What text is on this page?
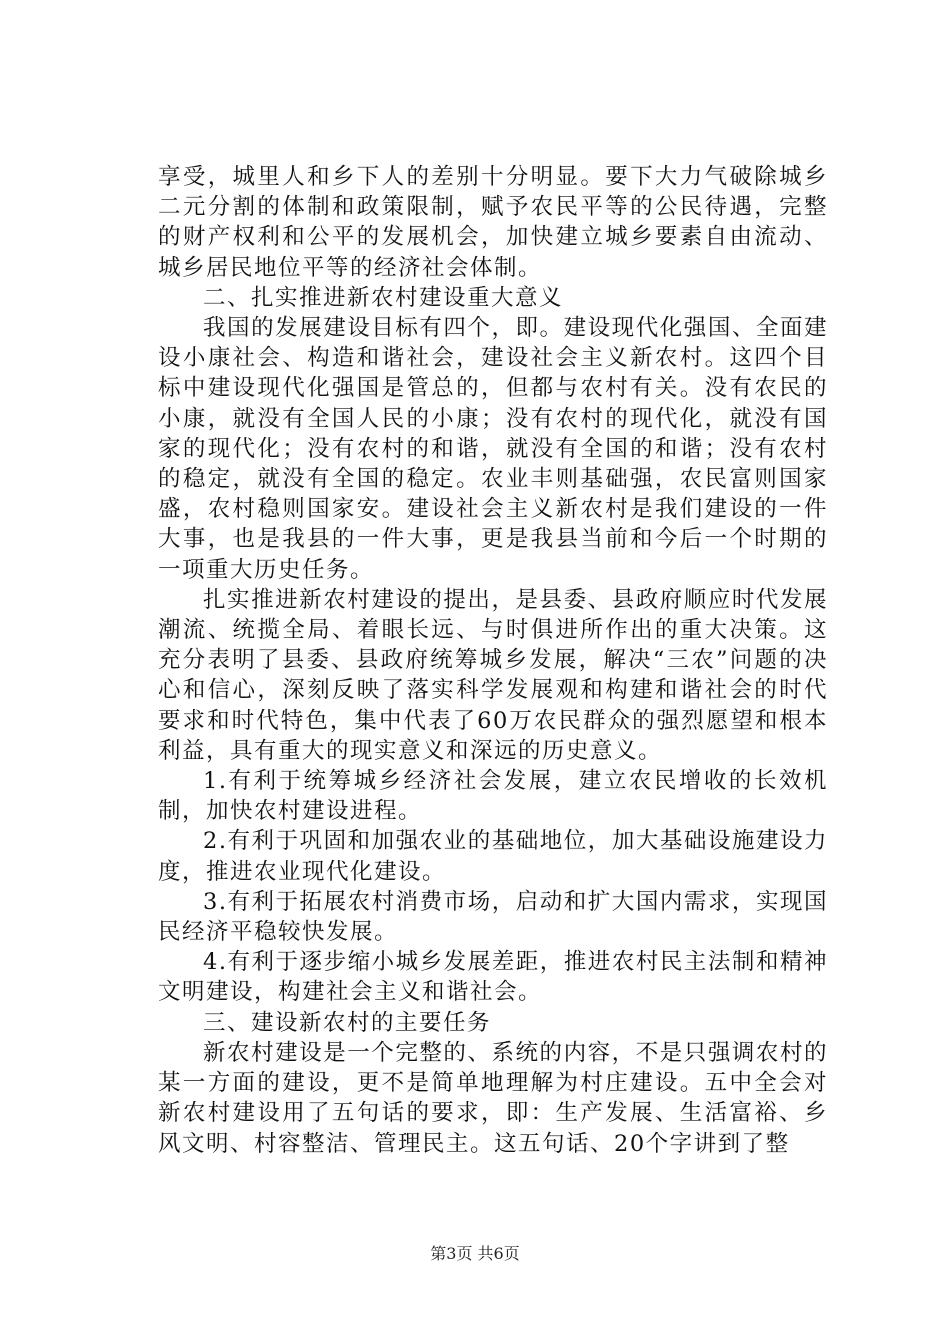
享受，城里人和乡下人的差别十分明显。要下大力气破除城乡二元分割的体制和政策限制，赋予农民平等的公民待遇，完整的财产权利和公平的发展机会，加快建立城乡要素自由流动、城乡居民地位平等的经济社会体制。

二、扎实推进新农村建设重大意义

我国的发展建设目标有四个，即。建设现代化强国、全面建设小康社会、构造和谐社会，建设社会主义新农村。这四个目标中建设现代化强国是管总的，但都与农村有关。没有农民的小康，就没有全国人民的小康；没有农村的现代化，就没有国家的现代化；没有农村的和谐，就没有全国的和谐；没有农村的稳定，就没有全国的稳定。农业丰则基础强，农民富则国家盛，农村稳则国家安。建设社会主义新农村是我们建设的一件大事，也是我县的一件大事，更是我县当前和今后一个时期的一项重大历史任务。

扎实推进新农村建设的提出，是县委、县政府顺应时代发展潮流、统揽全局、着眼长远、与时俱进所作出的重大决策。这充分表明了县委、县政府统筹城乡发展，解决“三农”问题的决心和信心，深刻反映了落实科学发展观和构建和谐社会的时代要求和时代特色，集中代表了60万农民群众的强烈愿望和根本利益，具有重大的现实意义和深远的历史意义。

1.有利于统筹城乡经济社会发展，建立农民增收的长效机制，加快农村建设进程。

2.有利于巩固和加强农业的基础地位，加大基础设施建设力度，推进农业现代化建设。

3.有利于拓展农村消费市场，启动和扩大国内需求，实现国民经济平稳较快发展。

4.有利于逐步缩小城乡发展差距，推进农村民主法制和精神文明建设，构建社会主义和谐社会。

三、建设新农村的主要任务

新农村建设是一个完整的、系统的内容，不是只强调农村的某一方面的建设，更不是简单地理解为村庄建设。五中全会对新农村建设用了五句话的要求，即：生产发展、生活富裕、乡风文明、村容整洁、管理民主。这五句话、20个字讲到了整

第3页 共6页
